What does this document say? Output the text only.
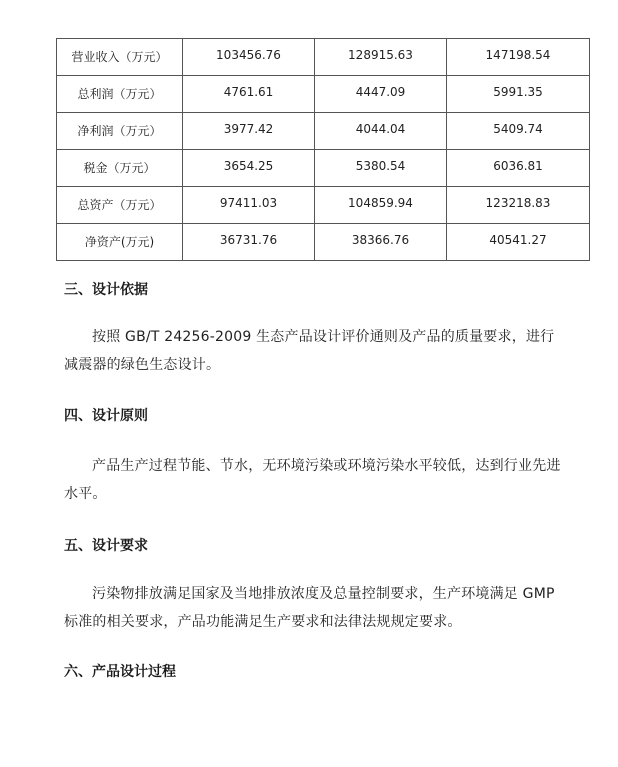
营业收入（万元）	103456.76	128915.63	147198.54

总利润（万元）	4761.61	4447.09	5991.35

净利润（万元）	3977.42	4044.04	5409.74

税金（万元）	3654.25	5380.54	6036.81

总资产（万元）	97411.03	104859.94	123218.83

净资产(万元)	36731.76	38366.76	40541.27
三、设计依据

按照 GB/T 24256-2009 生态产品设计评价通则及产品的质量要求，进行减震器的绿色生态设计。

四、设计原则

产品生产过程节能、节水，无环境污染或环境污染水平较低，达到行业先进水平。

五、设计要求

污染物排放满足国家及当地排放浓度及总量控制要求，生产环境满足 GMP 标准的相关要求，产品功能满足生产要求和法律法规规定要求。

六、产品设计过程
